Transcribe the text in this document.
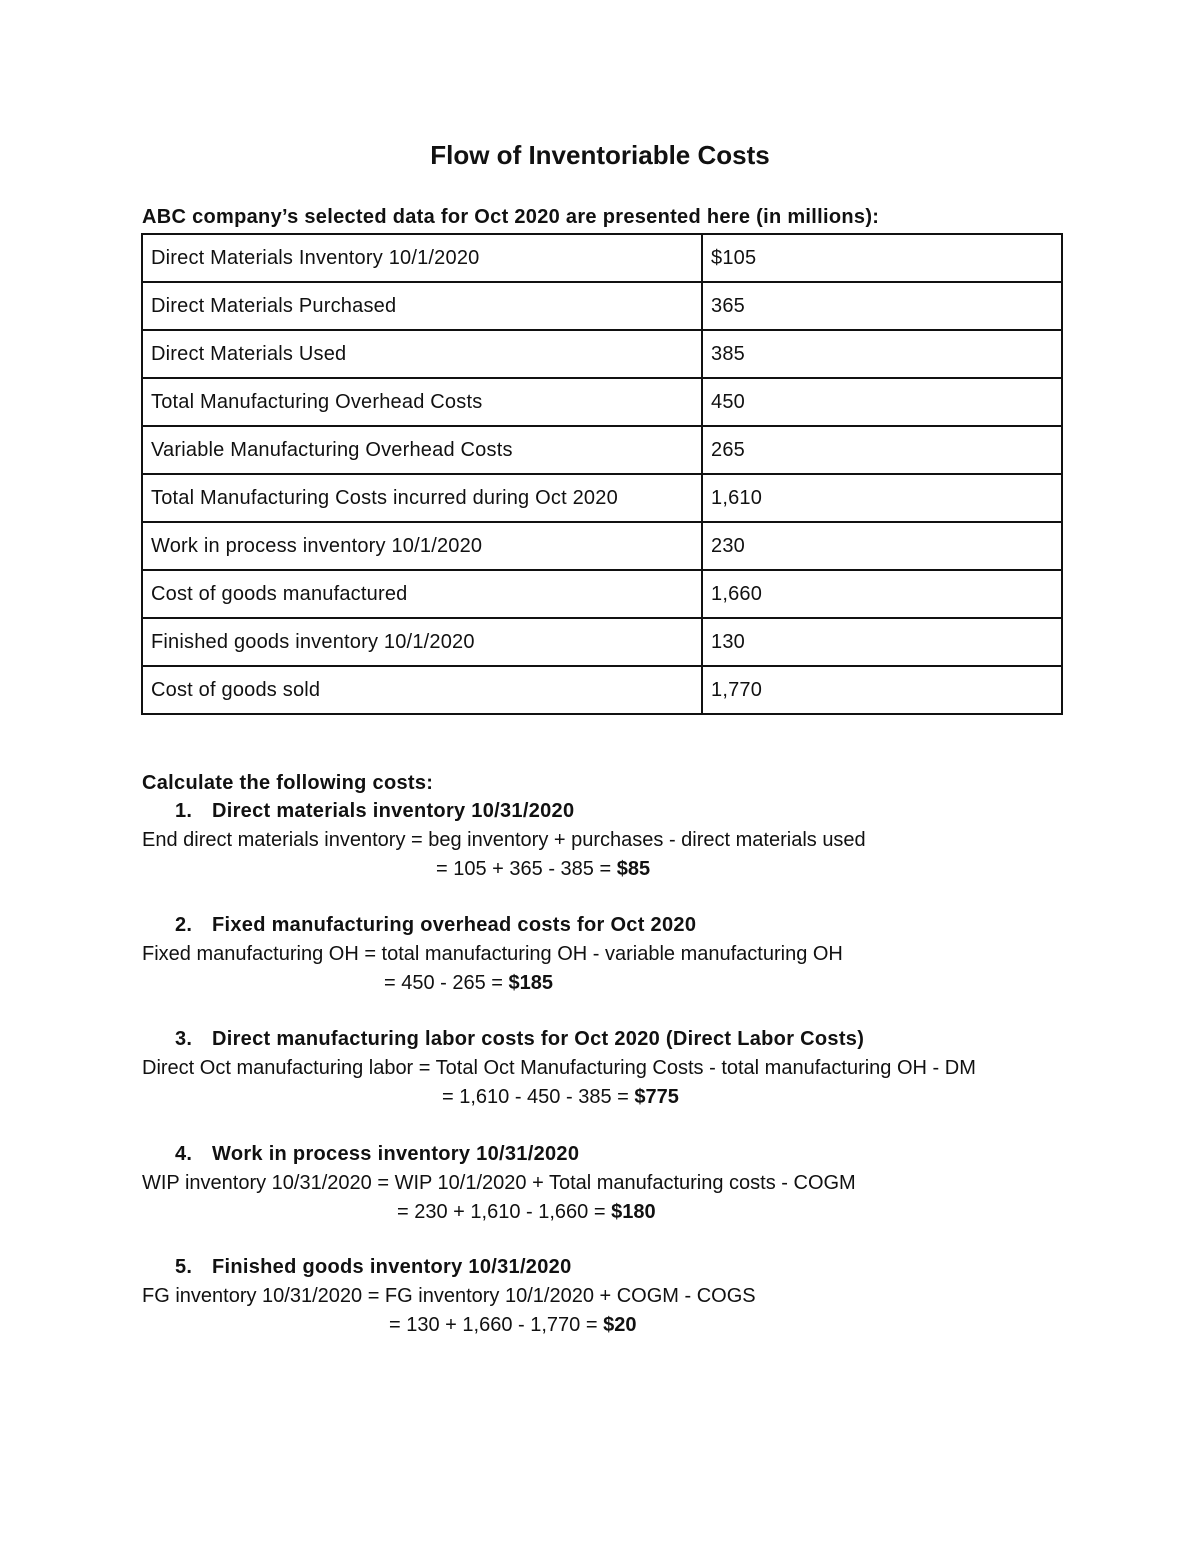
Flow of Inventoriable Costs
ABC company’s selected data for Oct 2020 are presented here (in millions):
Direct Materials Inventory 10/1/2020	$105
Direct Materials Purchased	365
Direct Materials Used	385
Total Manufacturing Overhead Costs	450
Variable Manufacturing Overhead Costs	265
Total Manufacturing Costs incurred during Oct 2020	1,610
Work in process inventory 10/1/2020	230
Cost of goods manufactured	1,660
Finished goods inventory 10/1/2020	130
Cost of goods sold	1,770
Calculate the following costs:
1. Direct materials inventory 10/31/2020
End direct materials inventory = beg inventory + purchases - direct materials used
= 105 + 365 - 385 = $85
2. Fixed manufacturing overhead costs for Oct 2020
Fixed manufacturing OH = total manufacturing OH - variable manufacturing OH
= 450 - 265 = $185
3. Direct manufacturing labor costs for Oct 2020 (Direct Labor Costs)
Direct Oct manufacturing labor = Total Oct Manufacturing Costs - total manufacturing OH - DM
= 1,610 - 450 - 385 = $775
4. Work in process inventory 10/31/2020
WIP inventory 10/31/2020 = WIP 10/1/2020 + Total manufacturing costs - COGM
= 230 + 1,610 - 1,660 = $180
5. Finished goods inventory 10/31/2020
FG inventory 10/31/2020 = FG inventory 10/1/2020 + COGM - COGS
= 130 + 1,660 - 1,770 = $20
